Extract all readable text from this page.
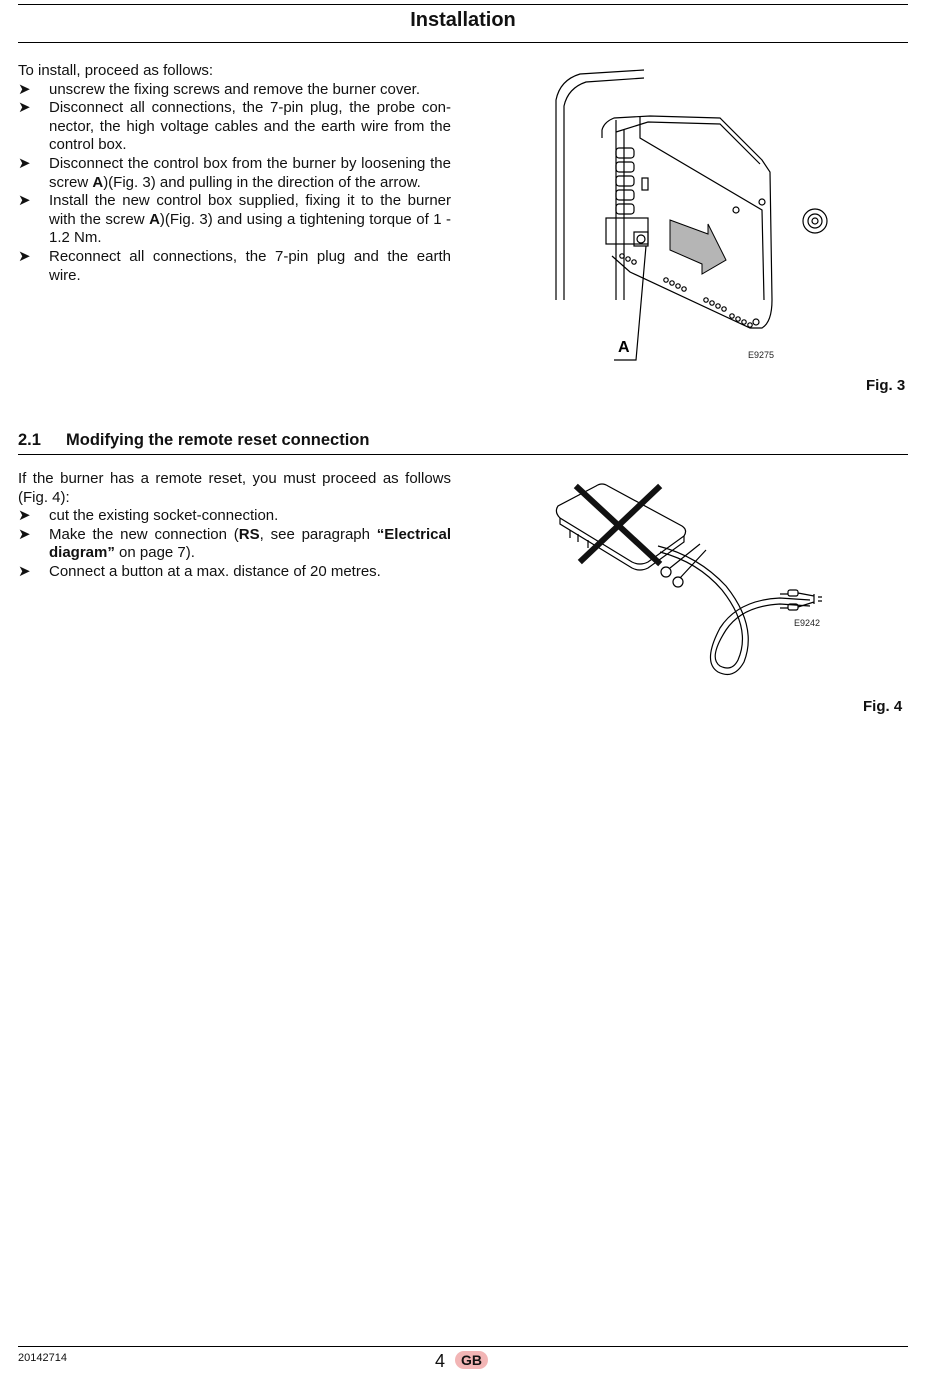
Installation

To install, proceed as follows:

➤ unscrew the fixing screws and remove the burner cover.
➤ Disconnect all connections, the 7-pin plug, the probe con-nector, the high voltage cables and the earth wire from the control box.
➤ Disconnect the control box from the burner by loosening the screw A)(Fig. 3) and pulling in the direction of the arrow.
➤ Install the new control box supplied, fixing it to the burner with the screw A)(Fig. 3) and using a tightening torque of 1 - 1.2 Nm.
➤ Reconnect all connections, the 7-pin plug and the earth wire.
A	E9275
Fig. 3
2.1 Modifying the remote reset connection

If the burner has a remote reset, you must proceed as follows (Fig. 4):

➤ cut the existing socket-connection.
➤ Make the new connection (RS, see paragraph “Electrical diagram” on page 7).
➤ Connect a button at a max. distance of 20 metres.
E9242
Fig. 4
20142714	4	GB
